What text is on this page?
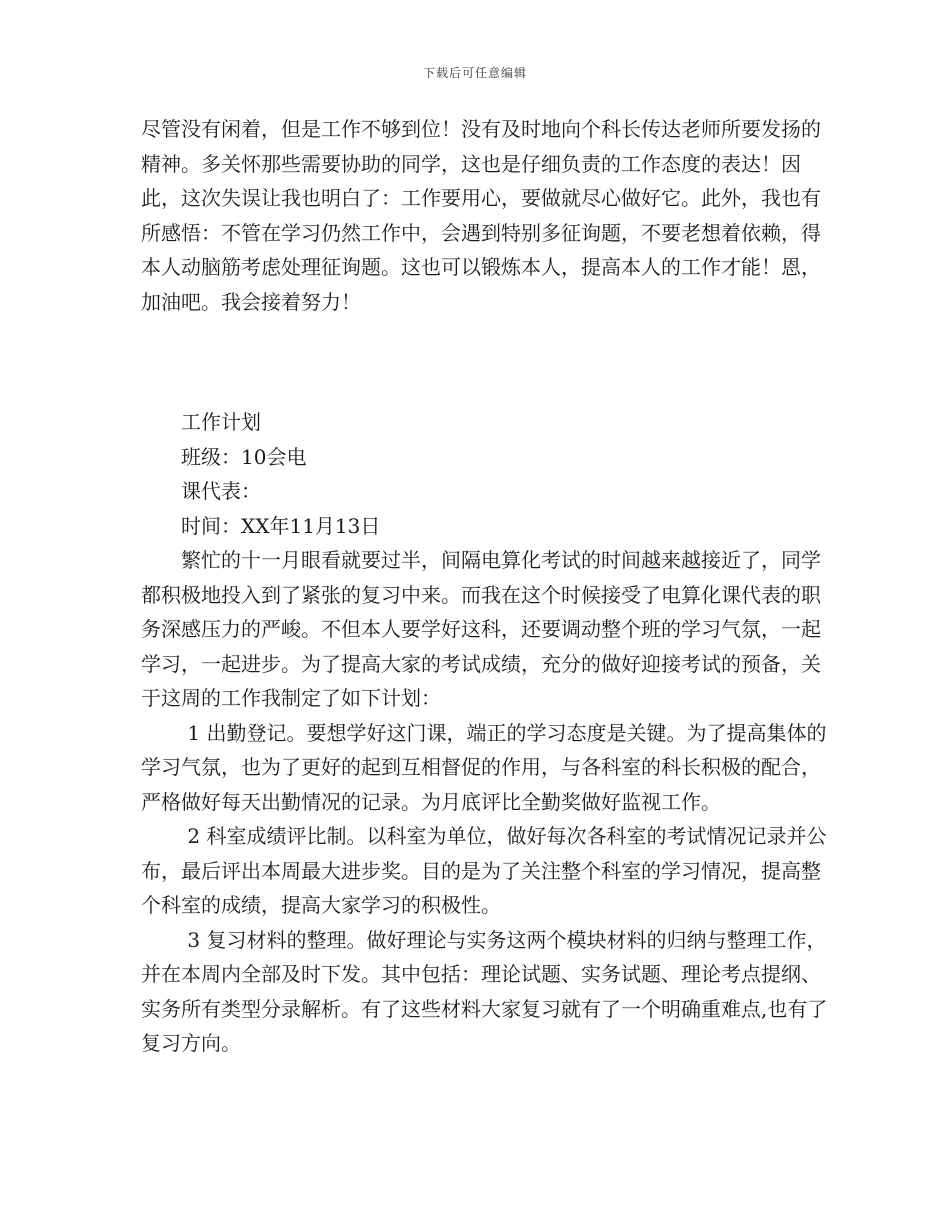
下载后可任意编辑

尽管没有闲着，但是工作不够到位！没有及时地向个科长传达老师所要发扬的精神。多关怀那些需要协助的同学，这也是仔细负责的工作态度的表达！因此，这次失误让我也明白了：工作要用心，要做就尽心做好它。此外，我也有所感悟：不管在学习仍然工作中，会遇到特别多征询题，不要老想着依赖，得本人动脑筋考虑处理征询题。这也可以锻炼本人，提高本人的工作才能！恩，加油吧。我会接着努力！

工作计划

班级：10会电

课代表：

时间：XX年11月13日

繁忙的十一月眼看就要过半，间隔电算化考试的时间越来越接近了，同学都积极地投入到了紧张的复习中来。而我在这个时候接受了电算化课代表的职务深感压力的严峻。不但本人要学好这科，还要调动整个班的学习气氛，一起学习，一起进步。为了提高大家的考试成绩，充分的做好迎接考试的预备，关于这周的工作我制定了如下计划：

1 出勤登记。要想学好这门课，端正的学习态度是关键。为了提高集体的学习气氛，也为了更好的起到互相督促的作用，与各科室的科长积极的配合，严格做好每天出勤情况的记录。为月底评比全勤奖做好监视工作。

2 科室成绩评比制。以科室为单位，做好每次各科室的考试情况记录并公布，最后评出本周最大进步奖。目的是为了关注整个科室的学习情况，提高整个科室的成绩，提高大家学习的积极性。

3 复习材料的整理。做好理论与实务这两个模块材料的归纳与整理工作，并在本周内全部及时下发。其中包括：理论试题、实务试题、理论考点提纲、实务所有类型分录解析。有了这些材料大家复习就有了一个明确重难点,也有了复习方向。
